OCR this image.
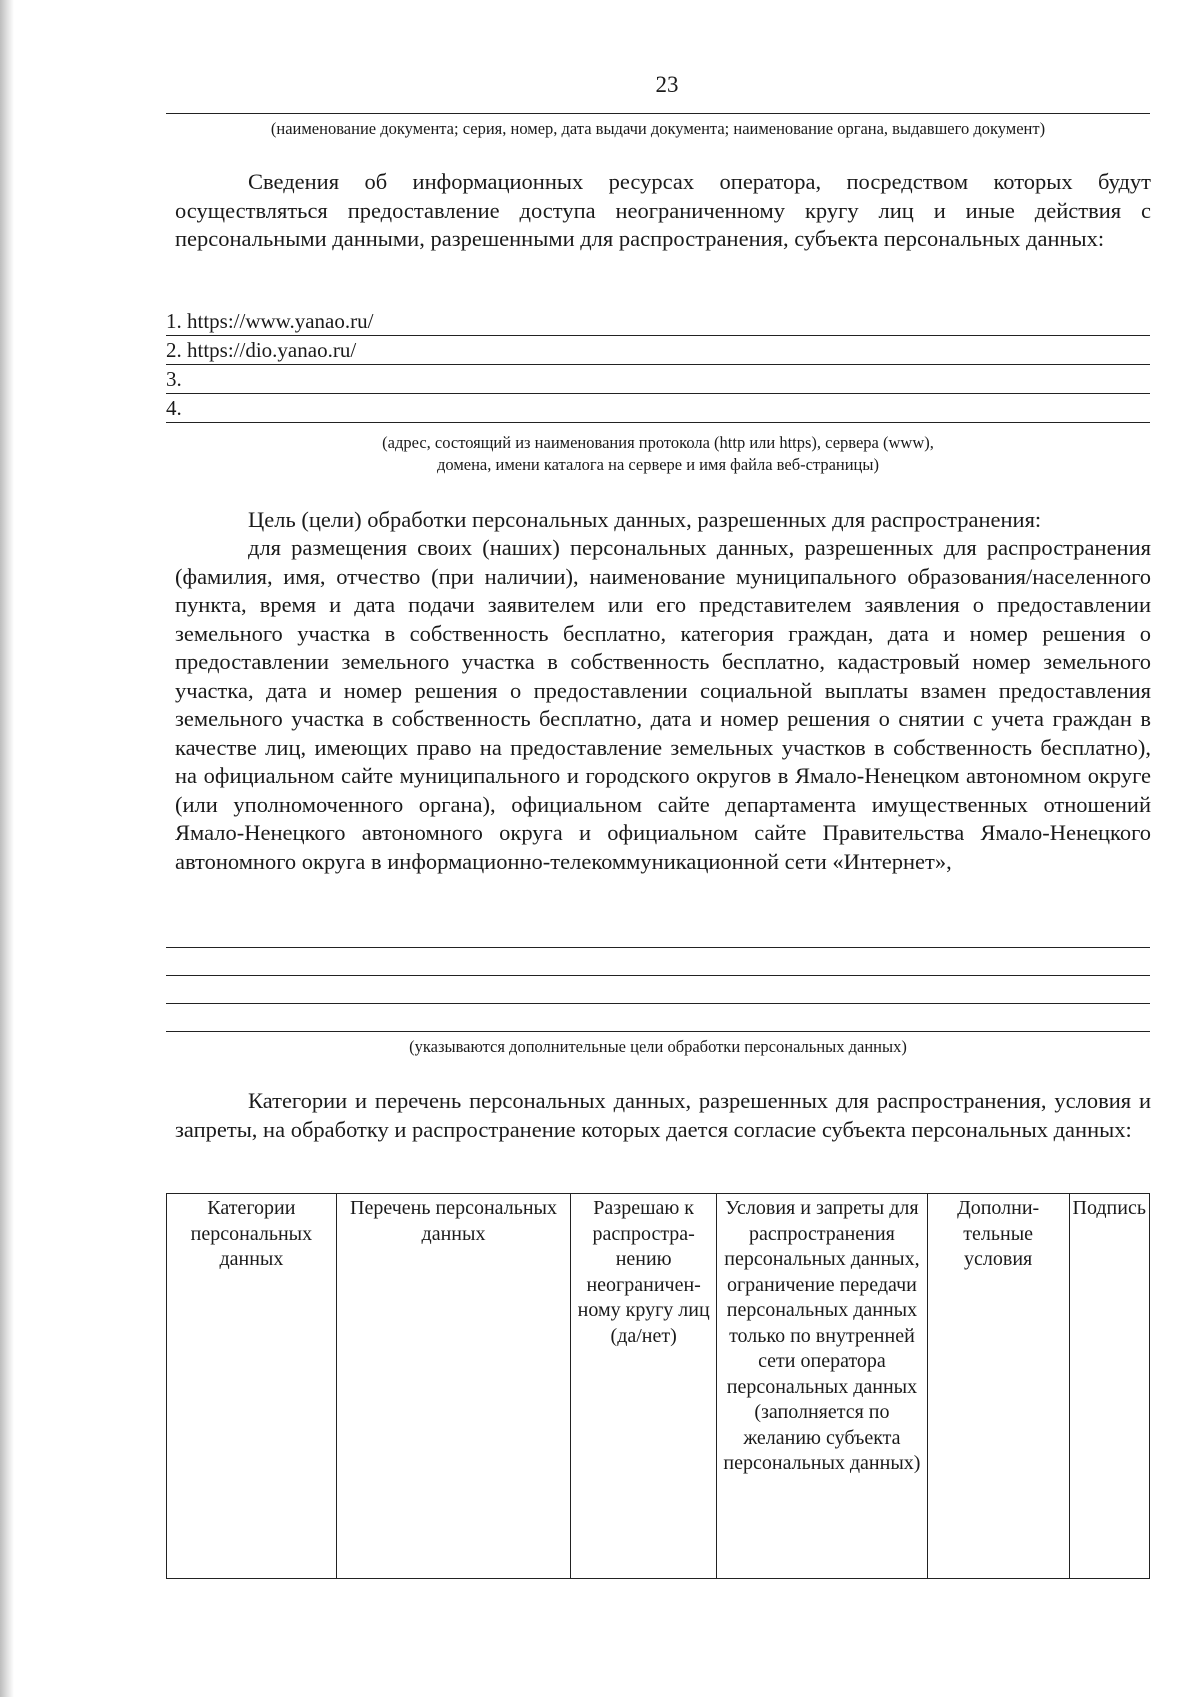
23
(наименование документа; серия, номер, дата выдачи документа; наименование органа, выдавшего документ)

Сведения об информационных ресурсах оператора, посредством которых будут осуществляться предоставление доступа неограниченному кругу лиц и иные действия с персональными данными, разрешенными для распространения, субъекта персональных данных:

1. https://www.yanao.ru/
2. https://dio.yanao.ru/
3.
4.
(адрес, состоящий из наименования протокола (http или https), сервера (www),
домена, имени каталога на сервере и имя файла веб-страницы)

Цель (цели) обработки персональных данных, разрешенных для распространения:

для размещения своих (наших) персональных данных, разрешенных для распространения (фамилия, имя, отчество (при наличии), наименование муниципального образования/населенного пункта, время и дата подачи заявителем или его представителем заявления о предоставлении земельного участка в собственность бесплатно, категория граждан, дата и номер решения о предоставлении земельного участка в собственность бесплатно, кадастровый номер земельного участка, дата и номер решения о предоставлении социальной выплаты взамен предоставления земельного участка в собственность бесплатно, дата и номер решения о снятии с учета граждан в качестве лиц, имеющих право на предоставление земельных участков в собственность бесплатно), на официальном сайте муниципального и городского округов в Ямало-Ненецком автономном округе (или уполномоченного органа), официальном сайте департамента имущественных отношений Ямало-Ненецкого автономного округа и официальном сайте Правительства Ямало-Ненецкого автономного округа в информационно-телекоммуникационной сети «Интернет»,

(указываются дополнительные цели обработки персональных данных)

Категории и перечень персональных данных, разрешенных для распространения, условия и запреты, на обработку и распространение которых дается согласие субъекта персональных данных:

Категории персональных данных	Перечень персональных данных	Разрешаю к распростра-нению неограничен-ному кругу лиц (да/нет)	Условия и запреты для распространения персональных данных, ограничение передачи персональных данных только по внутренней сети оператора персональных данных (заполняется по желанию субъекта персональных данных)	Дополни-тельные условия	Подпись
